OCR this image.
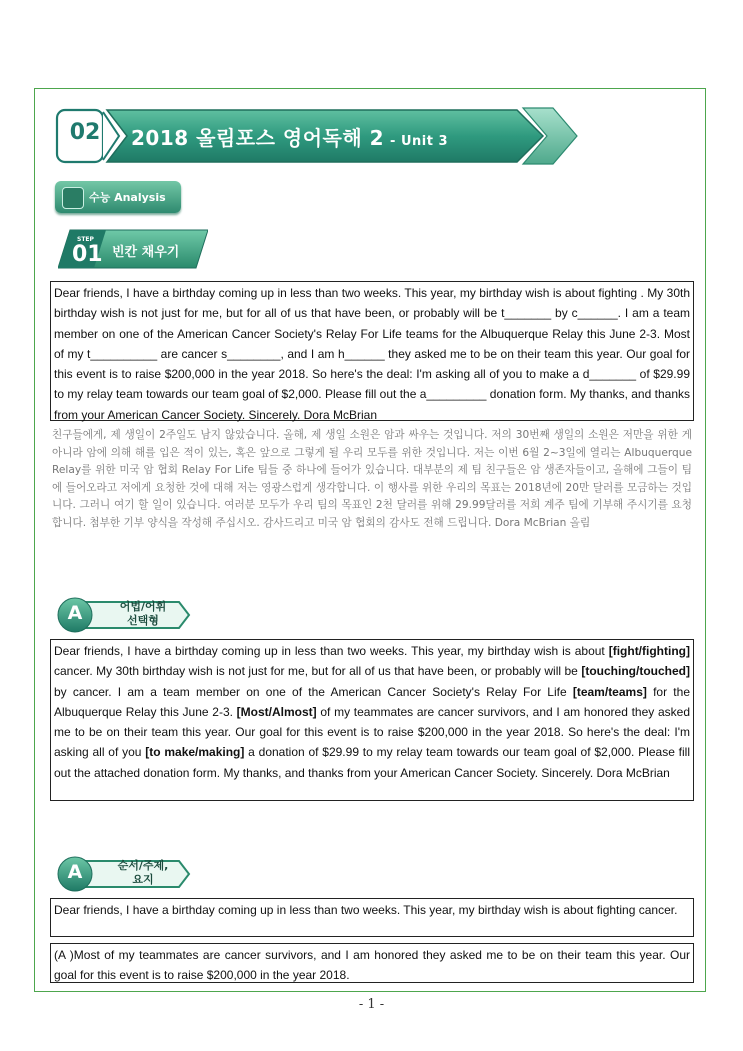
02 2018 올림포스 영어독해 2 - Unit 3
수능 Analysis
STEP
01 빈칸 채우기
Dear friends, I have a birthday coming up in less than two weeks. This year, my birthday wish is about fighting . My 30th birthday wish is not just for me, but for all of us that have been, or probably will be t_______ by c______. I am a team member on one of the American Cancer Society's Relay For Life teams for the Albuquerque Relay this June 2-3. Most of my t__________ are cancer s________, and I am h______ they asked me to be on their team this year. Our goal for this event is to raise $200,000 in the year 2018. So here's the deal: I'm asking all of you to make a d_______ of $29.99 to my relay team towards our team goal of $2,000. Please fill out the a_________ donation form. My thanks, and thanks from your American Cancer Society. Sincerely. Dora McBrian
친구들에게, 제 생일이 2주일도 남지 않았습니다. 올해, 제 생일 소원은 암과 싸우는 것입니다. 저의 30번째 생일의 소원은 저만을 위한 게 아니라 암에 의해 해를 입은 적이 있는, 혹은 앞으로 그렇게 될 우리 모두를 위한 것입니다. 저는 이번 6월 2~3일에 열리는 Albuquerque Relay를 위한 미국 암 협회 Relay For Life 팀들 중 하나에 들어가 있습니다. 대부분의 제 팀 친구들은 암 생존자들이고, 올해에 그들이 팀에 들어오라고 저에게 요청한 것에 대해 저는 영광스럽게 생각합니다. 이 행사를 위한 우리의 목표는 2018년에 20만 달러를 모금하는 것입니다. 그러니 여기 할 일이 있습니다. 여러분 모두가 우리 팀의 목표인 2천 달러를 위해 29.99달러를 저희 계주 팀에 기부해 주시기를 요청합니다. 첨부한 기부 양식을 작성해 주십시오. 감사드리고 미국 암 협회의 감사도 전해 드립니다. Dora McBrian 올림
A	어법/어휘
선택형
Dear friends, I have a birthday coming up in less than two weeks. This year, my birthday wish is about [fight/fighting] cancer. My 30th birthday wish is not just for me, but for all of us that have been, or probably will be [touching/touched] by cancer. I am a team member on one of the American Cancer Society's Relay For Life [team/teams] for the Albuquerque Relay this June 2-3. [Most/Almost] of my teammates are cancer survivors, and I am honored they asked me to be on their team this year. Our goal for this event is to raise $200,000 in the year 2018. So here's the deal: I'm asking all of you [to make/making] a donation of $29.99 to my relay team towards our team goal of $2,000. Please fill out the attached donation form. My thanks, and thanks from your American Cancer Society. Sincerely. Dora McBrian
A	순서/주제,
요지
Dear friends, I have a birthday coming up in less than two weeks. This year, my birthday wish is about fighting cancer.
(A )Most of my teammates are cancer survivors, and I am honored they asked me to be on their team this year. Our goal for this event is to raise $200,000 in the year 2018.
- 1 -
